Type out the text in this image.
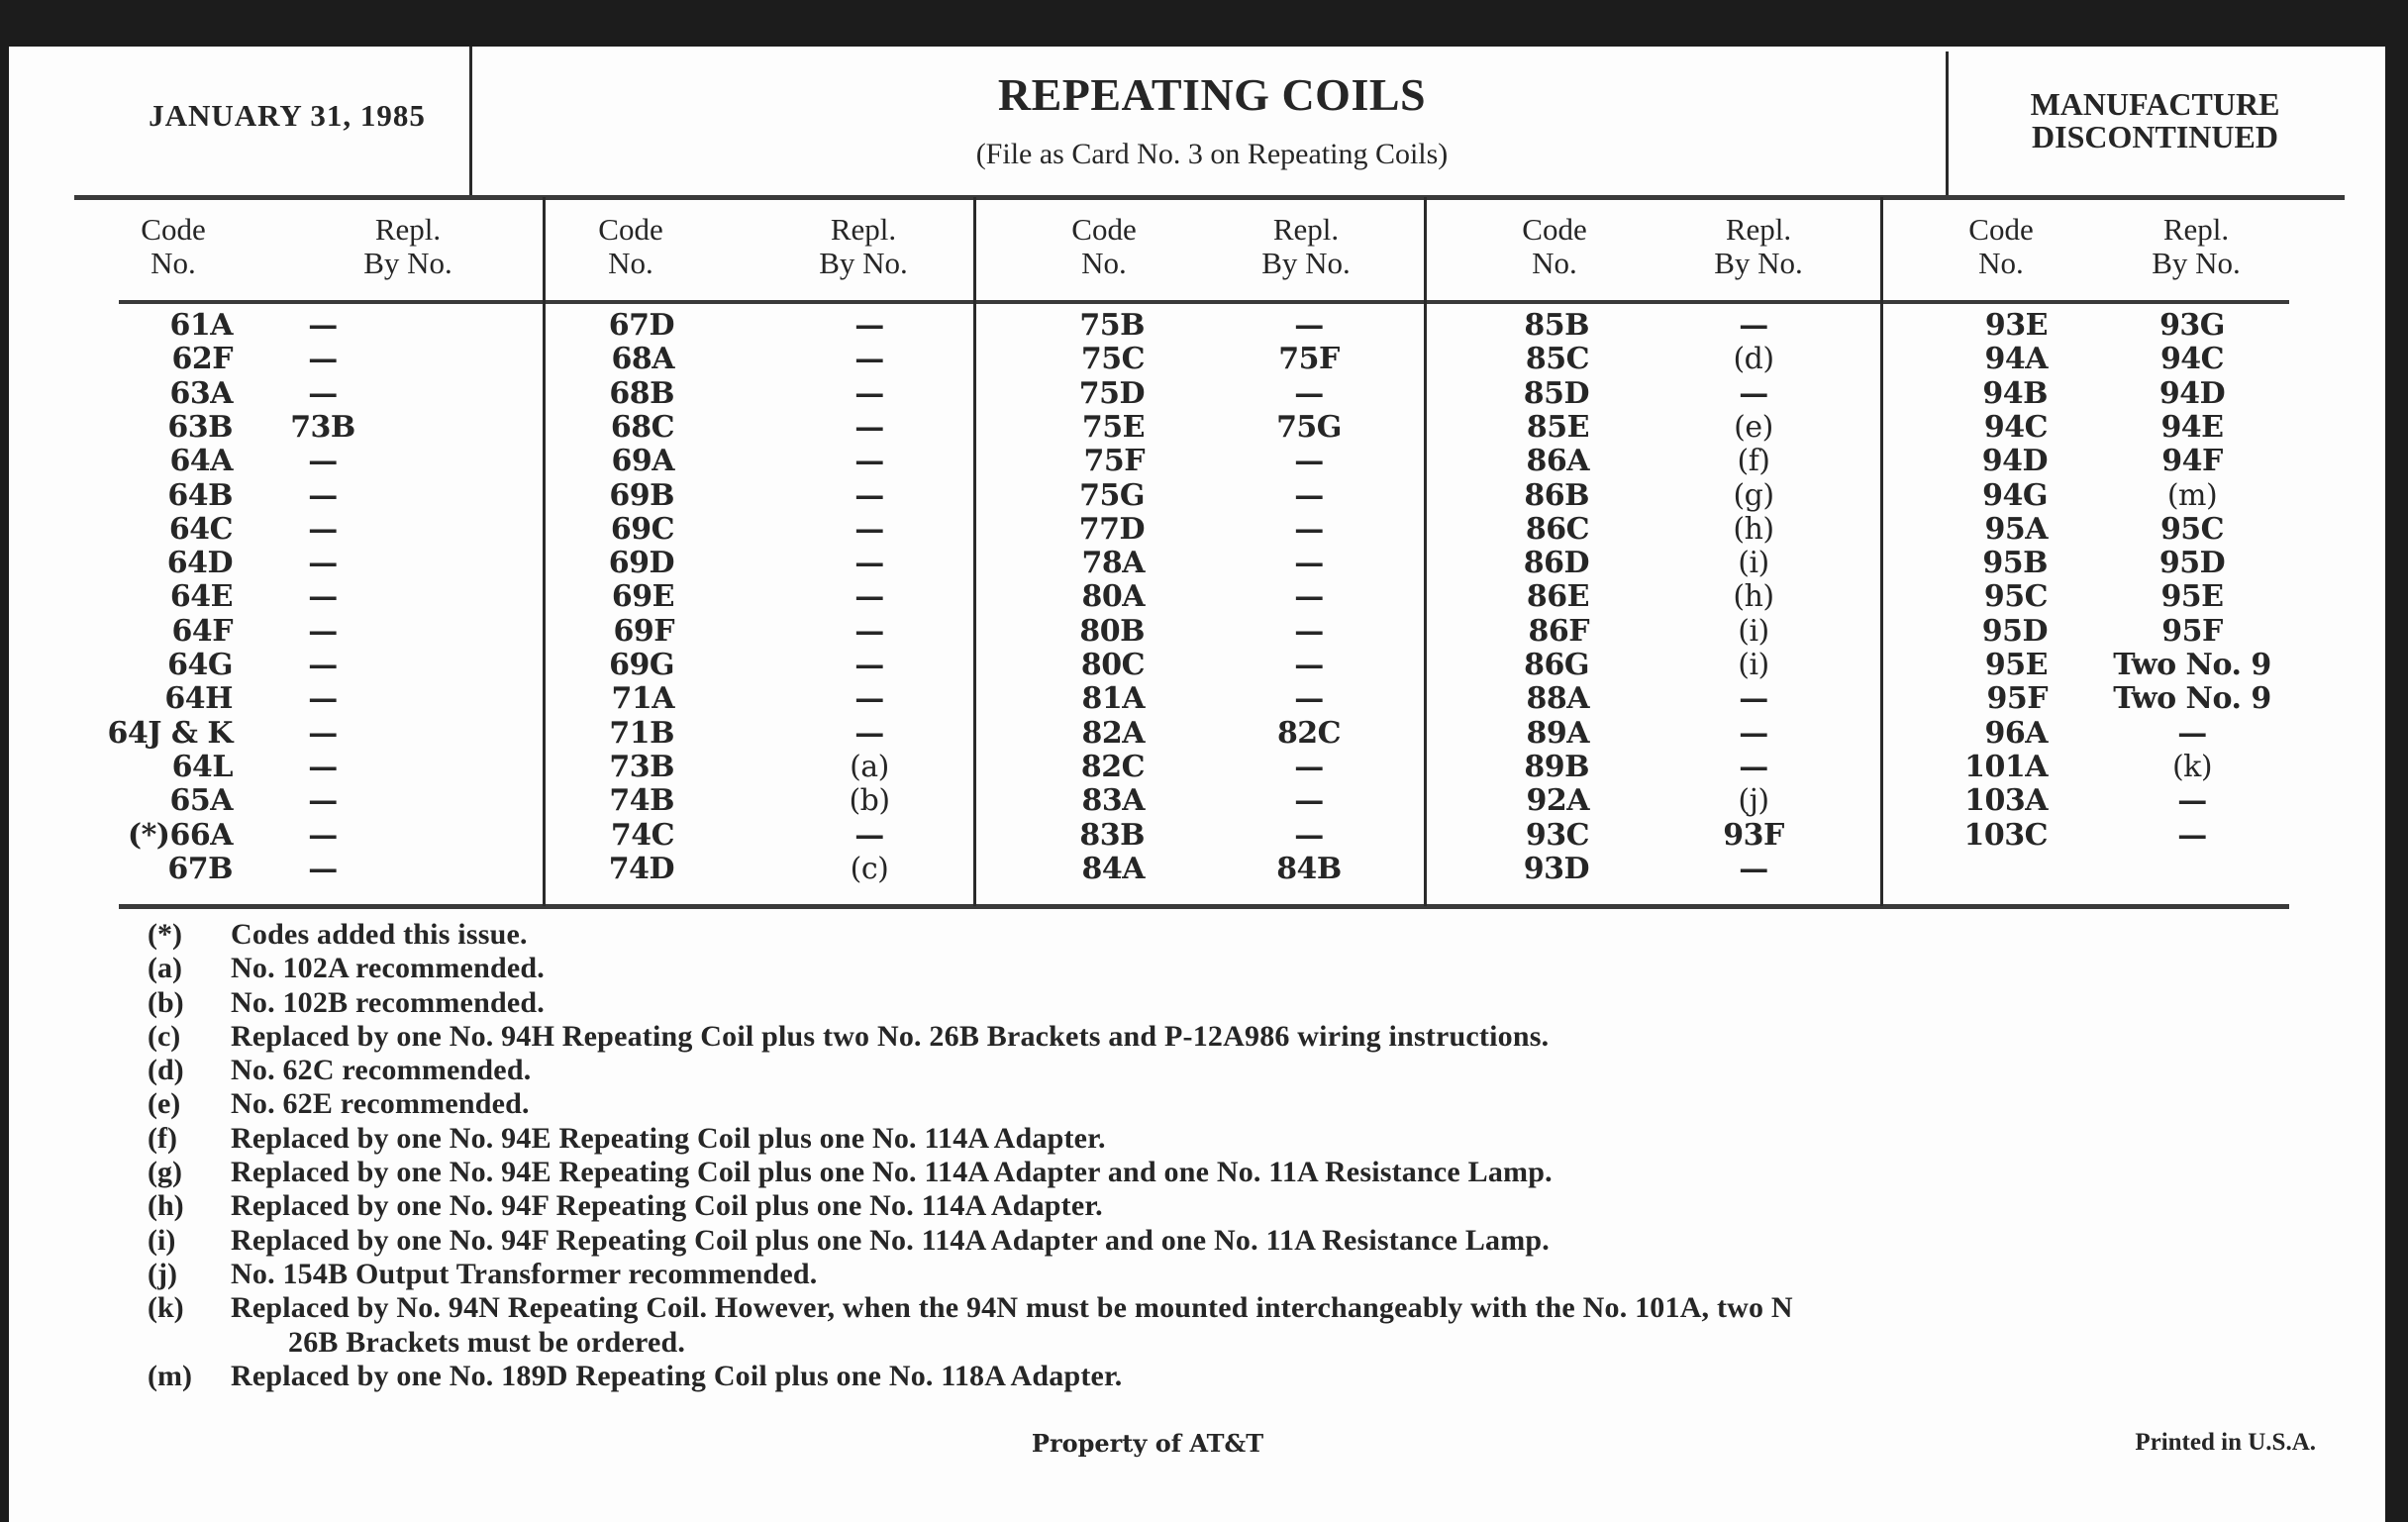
JANUARY 31, 1985	REPEATING COILS
(File as Card No. 3 on Repeating Coils)
MANUFACTURE
DISCONTINUED
(*)	Codes added this issue.
(a)	No. 102A recommended.
(b)	No. 102B recommended.
(c)	Replaced by one No. 94H Repeating Coil plus two No. 26B Brackets and P-12A986 wiring instructions.
(d)	No. 62C recommended.
(e)	No. 62E recommended.
(f)	Replaced by one No. 94E Repeating Coil plus one No. 114A Adapter.
(g)	Replaced by one No. 94E Repeating Coil plus one No. 114A Adapter and one No. 11A Resistance Lamp.
(h)	Replaced by one No. 94F Repeating Coil plus one No. 114A Adapter.
(i)	Replaced by one No. 94F Repeating Coil plus one No. 114A Adapter and one No. 11A Resistance Lamp.
(j)	No. 154B Output Transformer recommended.
(k)	Replaced by No. 94N Repeating Coil. However, when the 94N must be mounted interchangeably with the No. 101A, two N
26B Brackets must be ordered.
(m)	Replaced by one No. 189D Repeating Coil plus one No. 118A Adapter.
Property of AT&T	Printed in U.S.A.
Code
No.
Repl.
By No.
Code
No.
Repl.
By No.
Code
No.
Repl.
By No.
Code
No.
Repl.
By No.
Code
No.
Repl.
By No.
61A	—
62F	—
63A	—
63B	73B
64A	—
64B	—
64C	—
64D	—
64E	—
64F	—
64G	—
64H	—
64J & K	—
64L	—
65A	—
(*)66A	—
67B	—
67D	—
68A	—
68B	—
68C	—
69A	—
69B	—
69C	—
69D	—
69E	—
69F	—
69G	—
71A	—
71B	—
73B	(a)
74B	(b)
74C	—
74D	(c)
75B	—
75C	75F
75D	—
75E	75G
75F	—
75G	—
77D	—
78A	—
80A	—
80B	—
80C	—
81A	—
82A	82C
82C	—
83A	—
83B	—
84A	84B
85B	—
85C	(d)
85D	—
85E	(e)
86A	(f)
86B	(g)
86C	(h)
86D	(i)
86E	(h)
86F	(i)
86G	(i)
88A	—
89A	—
89B	—
92A	(j)
93C	93F
93D	—
93E	93G
94A	94C
94B	94D
94C	94E
94D	94F
94G	(m)
95A	95C
95B	95D
95C	95E
95D	95F
95E	Two No. 9
95F	Two No. 9
96A	—
101A	(k)
103A	—
103C	—
